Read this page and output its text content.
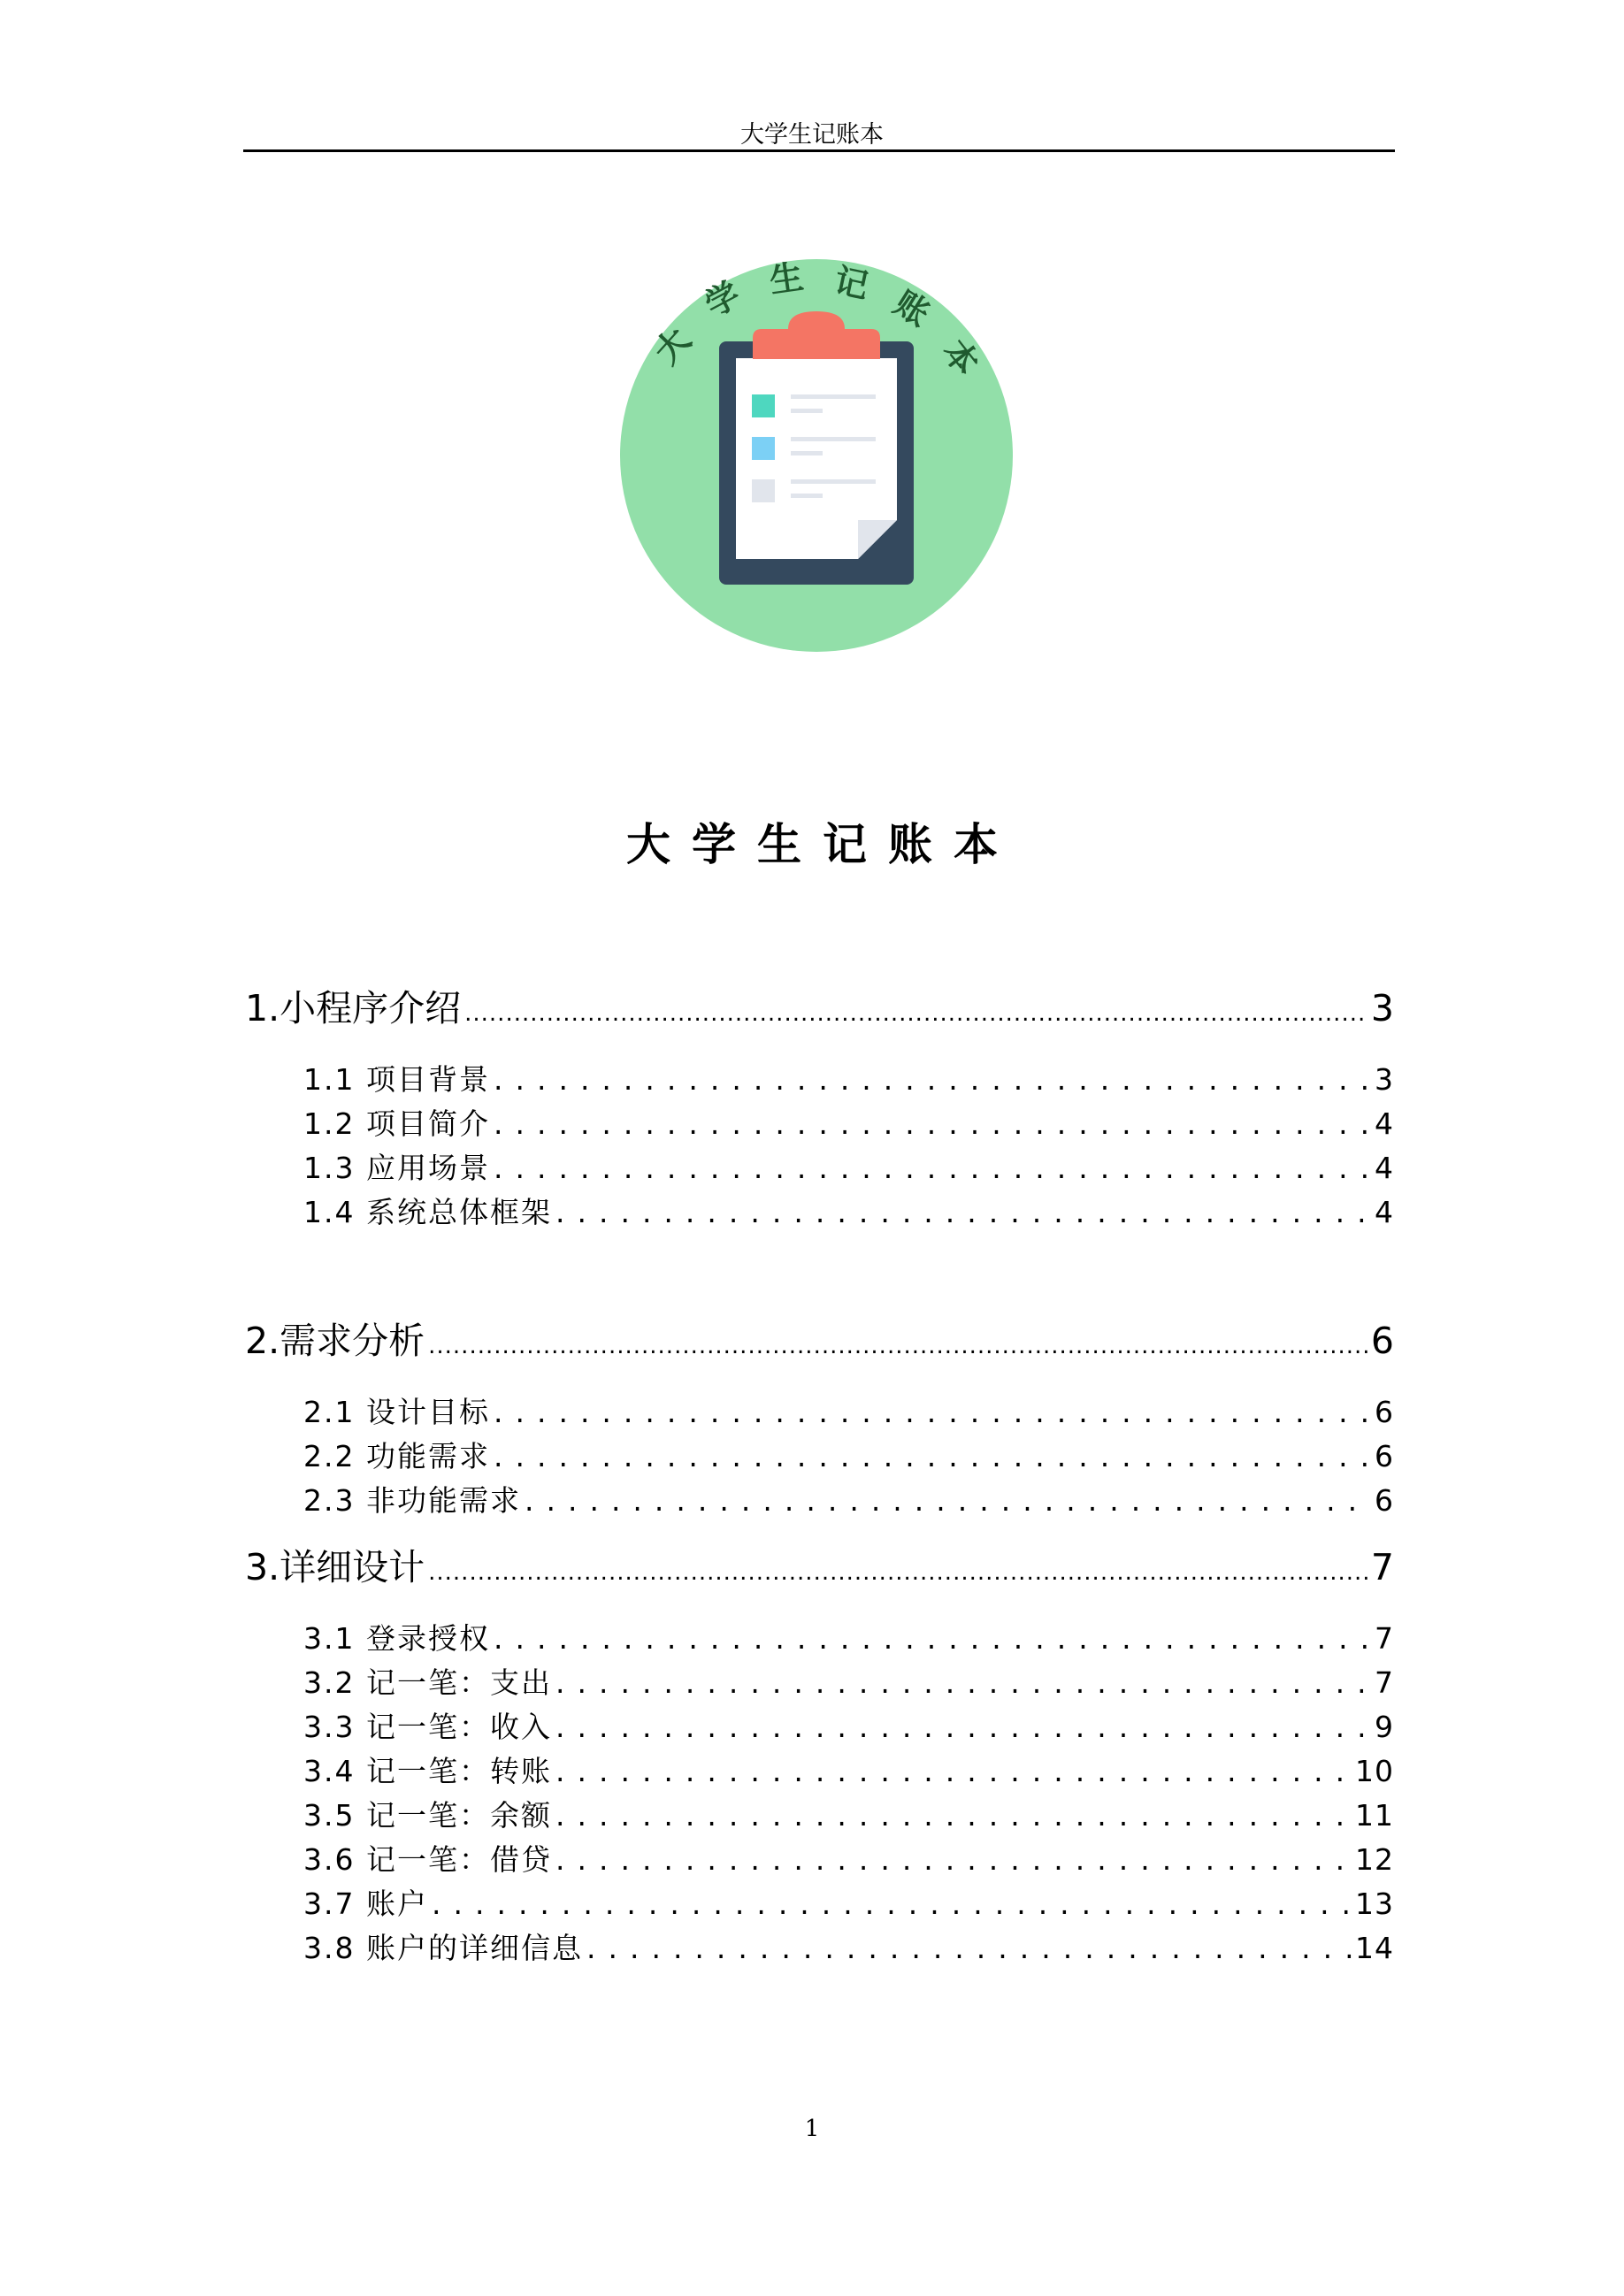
大学生记账本
大
学 生 记 账
本
大学生记账本
1.小程序介绍 .....	3
1.1 项目背景 .....	3
1.2 项目简介 .....	4
1.3 应用场景 .....	4
1.4 系统总体框架 .....	4
2.需求分析 .....	6
2.1 设计目标 .....	6
2.2 功能需求 .....	6
2.3 非功能需求 .....	6
3.详细设计 .....	7
3.1 登录授权 .....	7
3.2 记一笔：支出 .....	7
3.3 记一笔：收入 .....	9
3.4 记一笔：转账 .....	10
3.5 记一笔：余额 .....	11
3.6 记一笔：借贷 .....	12
3.7 账户 .....	13
3.8 账户的详细信息 .....	14
1
